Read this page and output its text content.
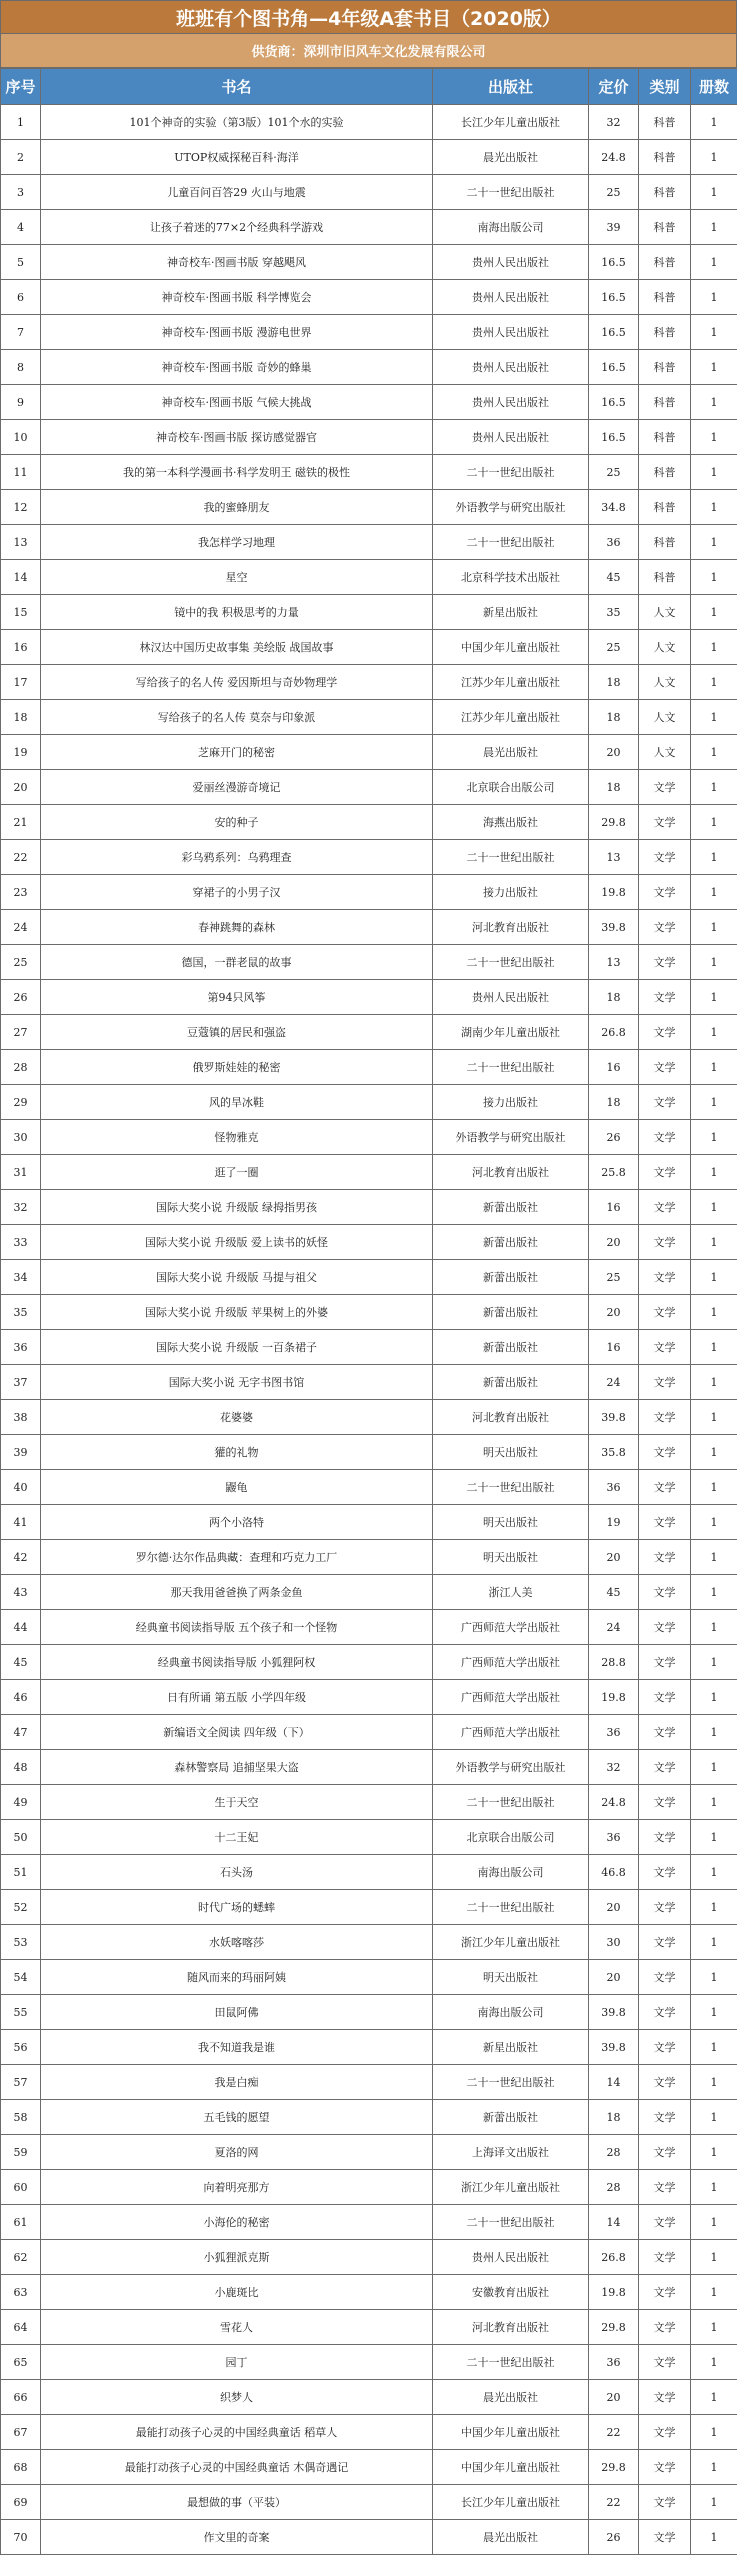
班班有个图书角—4年级A套书目（2020版）
供货商：深圳市旧风车文化发展有限公司
序号	书名	出版社	定价	类别	册数
1	101个神奇的实验（第3版）101个水的实验	长江少年儿童出版社	32	科普	1
2	UTOP权威探秘百科·海洋	晨光出版社	24.8	科普	1
3	儿童百问百答29 火山与地震	二十一世纪出版社	25	科普	1
4	让孩子着迷的77×2个经典科学游戏	南海出版公司	39	科普	1
5	神奇校车·图画书版 穿越飓风	贵州人民出版社	16.5	科普	1
6	神奇校车·图画书版 科学博览会	贵州人民出版社	16.5	科普	1
7	神奇校车·图画书版 漫游电世界	贵州人民出版社	16.5	科普	1
8	神奇校车·图画书版 奇妙的蜂巢	贵州人民出版社	16.5	科普	1
9	神奇校车·图画书版 气候大挑战	贵州人民出版社	16.5	科普	1
10	神奇校车·图画书版 探访感觉器官	贵州人民出版社	16.5	科普	1
11	我的第一本科学漫画书·科学发明王 磁铁的极性	二十一世纪出版社	25	科普	1
12	我的蜜蜂朋友	外语教学与研究出版社	34.8	科普	1
13	我怎样学习地理	二十一世纪出版社	36	科普	1
14	星空	北京科学技术出版社	45	科普	1
15	镜中的我 积极思考的力量	新星出版社	35	人文	1
16	林汉达中国历史故事集 美绘版 战国故事	中国少年儿童出版社	25	人文	1
17	写给孩子的名人传 爱因斯坦与奇妙物理学	江苏少年儿童出版社	18	人文	1
18	写给孩子的名人传 莫奈与印象派	江苏少年儿童出版社	18	人文	1
19	芝麻开门的秘密	晨光出版社	20	人文	1
20	爱丽丝漫游奇境记	北京联合出版公司	18	文学	1
21	安的种子	海燕出版社	29.8	文学	1
22	彩乌鸦系列：乌鸦理查	二十一世纪出版社	13	文学	1
23	穿裙子的小男子汉	接力出版社	19.8	文学	1
24	春神跳舞的森林	河北教育出版社	39.8	文学	1
25	德国，一群老鼠的故事	二十一世纪出版社	13	文学	1
26	第94只风筝	贵州人民出版社	18	文学	1
27	豆蔻镇的居民和强盗	湖南少年儿童出版社	26.8	文学	1
28	俄罗斯娃娃的秘密	二十一世纪出版社	16	文学	1
29	风的旱冰鞋	接力出版社	18	文学	1
30	怪物雅克	外语教学与研究出版社	26	文学	1
31	逛了一圈	河北教育出版社	25.8	文学	1
32	国际大奖小说 升级版 绿拇指男孩	新蕾出版社	16	文学	1
33	国际大奖小说 升级版 爱上读书的妖怪	新蕾出版社	20	文学	1
34	国际大奖小说 升级版 马提与祖父	新蕾出版社	25	文学	1
35	国际大奖小说 升级版 苹果树上的外婆	新蕾出版社	20	文学	1
36	国际大奖小说 升级版 一百条裙子	新蕾出版社	16	文学	1
37	国际大奖小说 无字书图书馆	新蕾出版社	24	文学	1
38	花婆婆	河北教育出版社	39.8	文学	1
39	獾的礼物	明天出版社	35.8	文学	1
40	鼹龟	二十一世纪出版社	36	文学	1
41	两个小洛特	明天出版社	19	文学	1
42	罗尔德·达尔作品典藏：查理和巧克力工厂	明天出版社	20	文学	1
43	那天我用爸爸换了两条金鱼	浙江人美	45	文学	1
44	经典童书阅读指导版 五个孩子和一个怪物	广西师范大学出版社	24	文学	1
45	经典童书阅读指导版 小狐狸阿权	广西师范大学出版社	28.8	文学	1
46	日有所诵 第五版 小学四年级	广西师范大学出版社	19.8	文学	1
47	新编语文全阅读 四年级（下）	广西师范大学出版社	36	文学	1
48	森林警察局 追捕坚果大盗	外语教学与研究出版社	32	文学	1
49	生于天空	二十一世纪出版社	24.8	文学	1
50	十二王妃	北京联合出版公司	36	文学	1
51	石头汤	南海出版公司	46.8	文学	1
52	时代广场的蟋蟀	二十一世纪出版社	20	文学	1
53	水妖喀喀莎	浙江少年儿童出版社	30	文学	1
54	随风而来的玛丽阿姨	明天出版社	20	文学	1
55	田鼠阿佛	南海出版公司	39.8	文学	1
56	我不知道我是谁	新星出版社	39.8	文学	1
57	我是白痴	二十一世纪出版社	14	文学	1
58	五毛钱的愿望	新蕾出版社	18	文学	1
59	夏洛的网	上海译文出版社	28	文学	1
60	向着明亮那方	浙江少年儿童出版社	28	文学	1
61	小海伦的秘密	二十一世纪出版社	14	文学	1
62	小狐狸派克斯	贵州人民出版社	26.8	文学	1
63	小鹿斑比	安徽教育出版社	19.8	文学	1
64	雪花人	河北教育出版社	29.8	文学	1
65	园丁	二十一世纪出版社	36	文学	1
66	织梦人	晨光出版社	20	文学	1
67	最能打动孩子心灵的中国经典童话 稻草人	中国少年儿童出版社	22	文学	1
68	最能打动孩子心灵的中国经典童话 木偶奇遇记	中国少年儿童出版社	29.8	文学	1
69	最想做的事（平装）	长江少年儿童出版社	22	文学	1
70	作文里的奇案	晨光出版社	26	文学	1
